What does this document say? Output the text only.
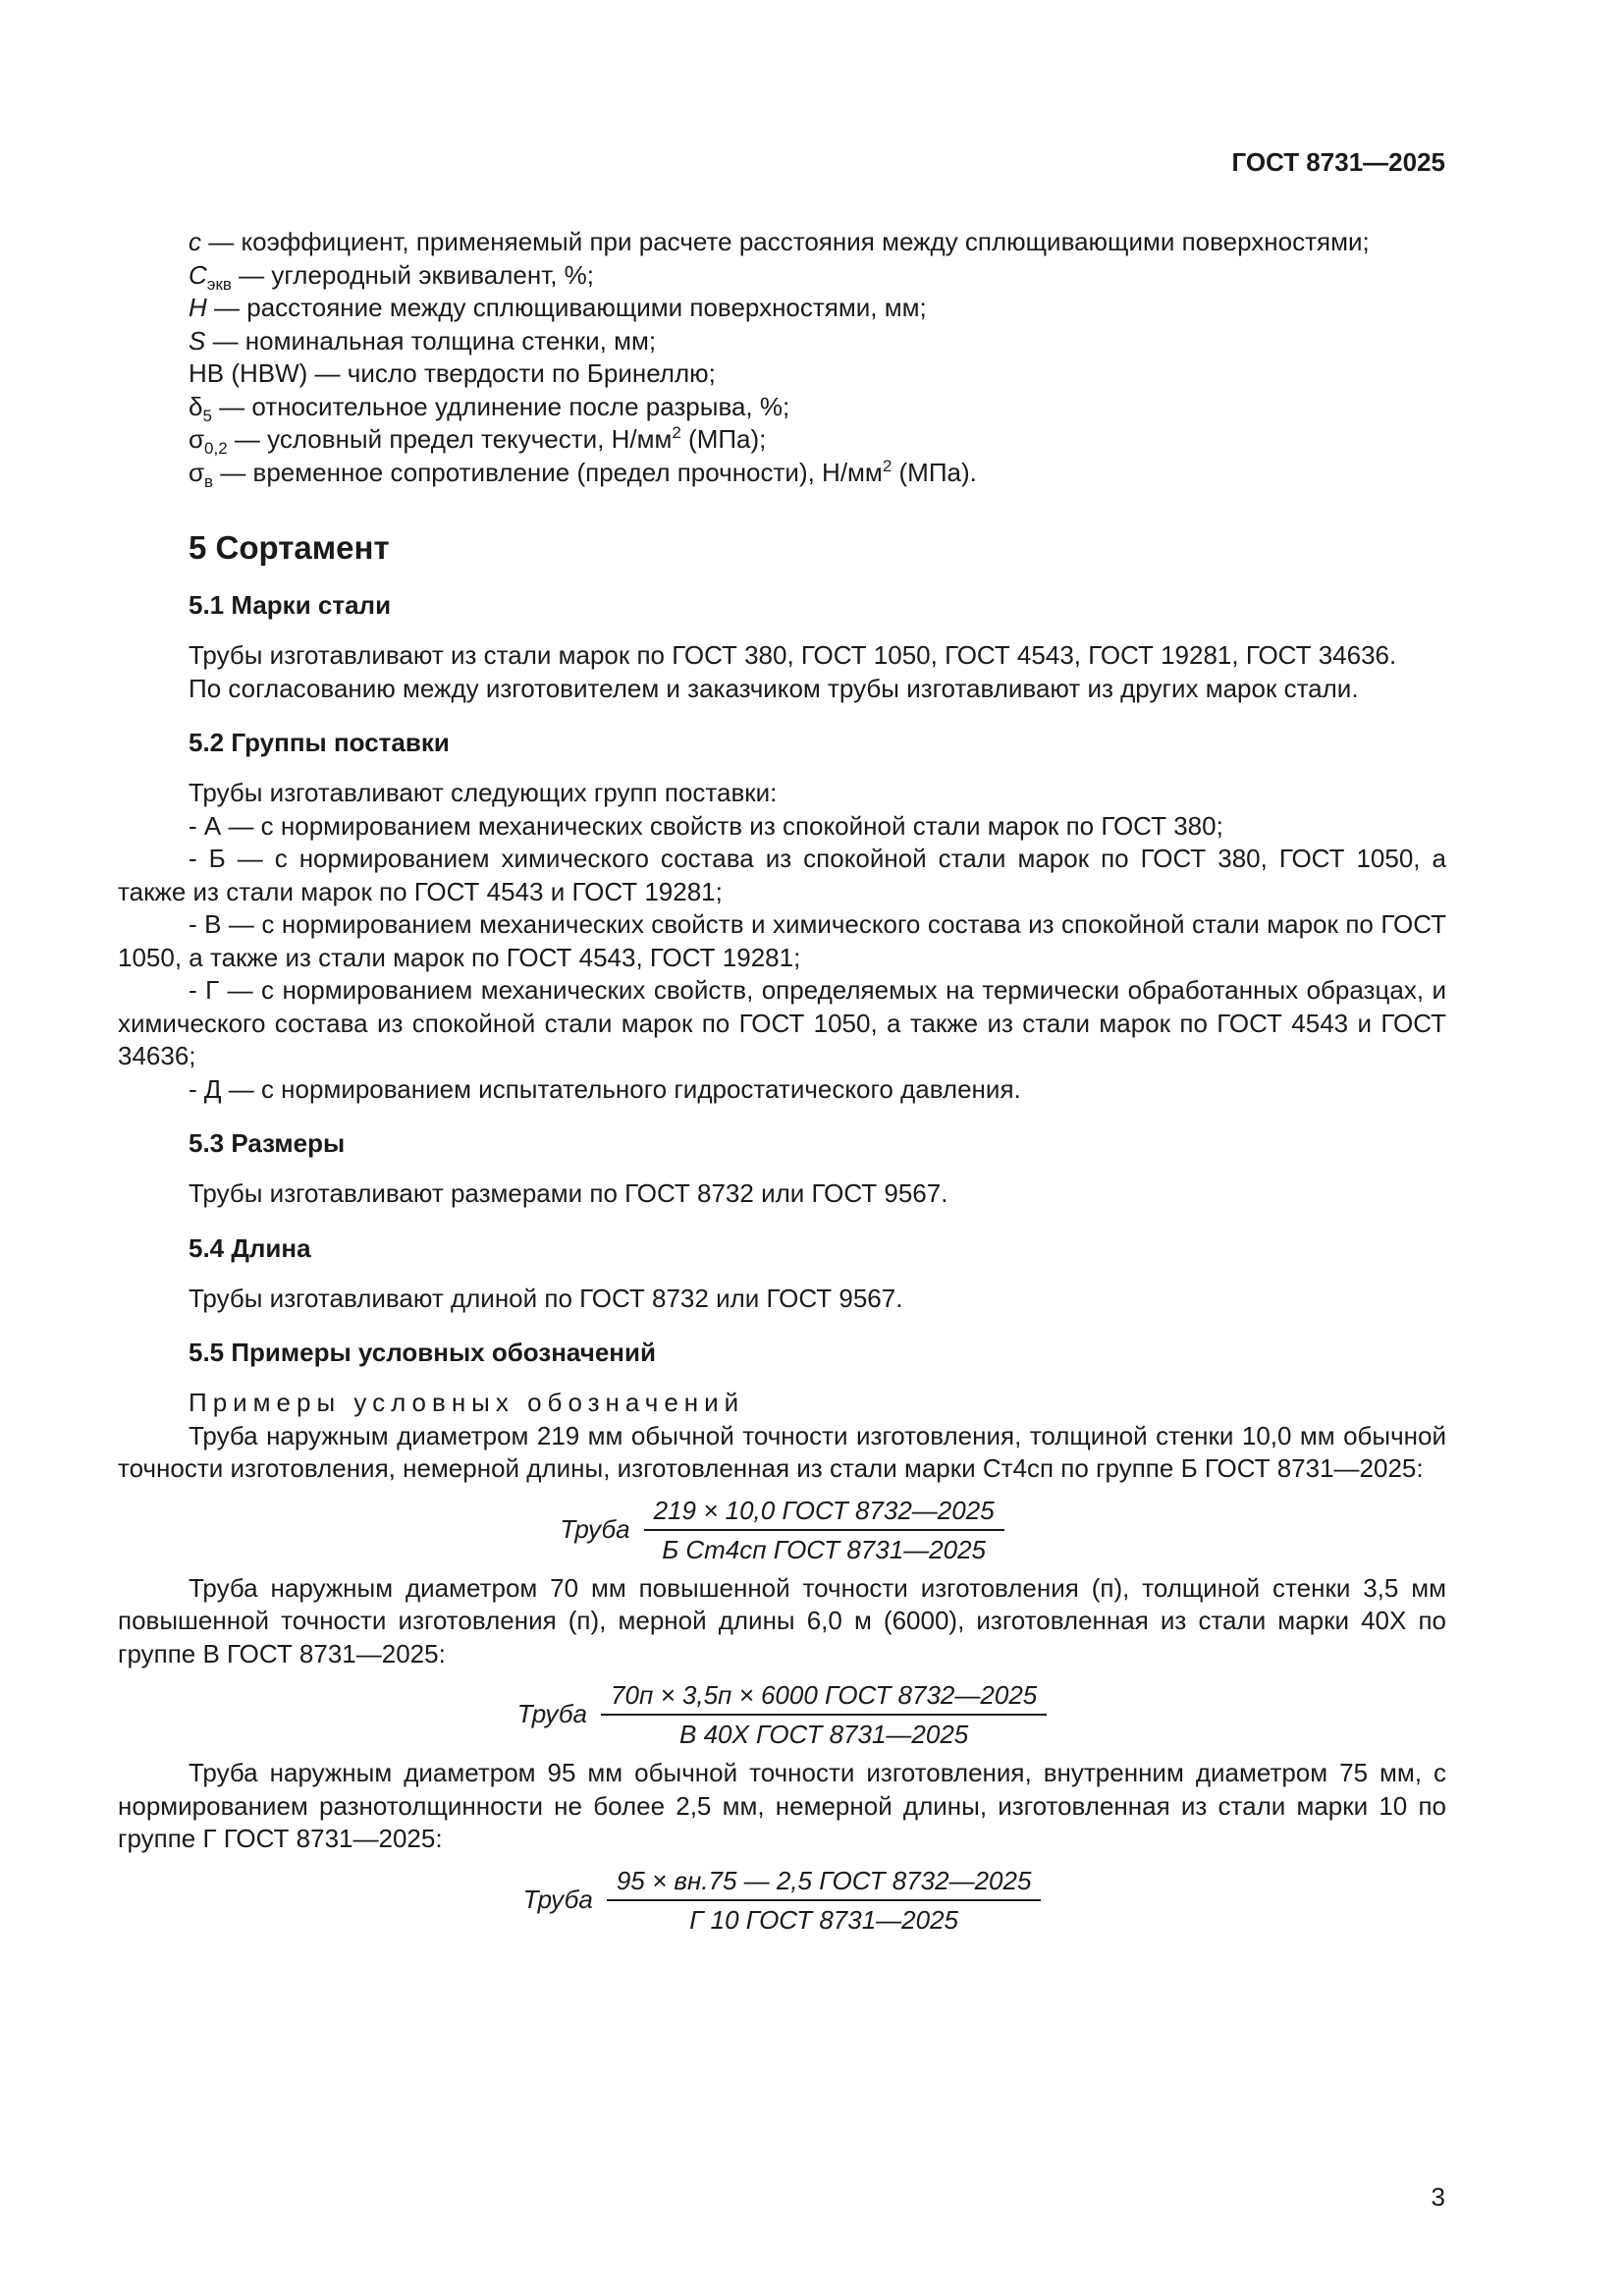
ГОСТ 8731—2025

c — коэффициент, применяемый при расчете расстояния между сплющивающими поверхностями;

$C_{экв}$ — углеродный эквивалент, %;

H — расстояние между сплющивающими поверхностями, мм;

S — номинальная толщина стенки, мм;

HB (HBW) — число твердости по Бринеллю;

$\delta_5$ — относительное удлинение после разрыва, %;

$\sigma_{0,2}$ — условный предел текучести, $Н/мм^2$ (МПа);

$\sigma_в$ — временное сопротивление (предел прочности), $Н/мм^2$ (МПа).

5 Сортамент
5.1 Марки стали

Трубы изготавливают из стали марок по ГОСТ 380, ГОСТ 1050, ГОСТ 4543, ГОСТ 19281, ГОСТ 34636.

По согласованию между изготовителем и заказчиком трубы изготавливают из других марок стали.

5.2 Группы поставки

Трубы изготавливают следующих групп поставки:

- А — с нормированием механических свойств из спокойной стали марок по ГОСТ 380;

- Б — с нормированием химического состава из спокойной стали марок по ГОСТ 380, ГОСТ 1050, а также из стали марок по ГОСТ 4543 и ГОСТ 19281;

- В — с нормированием механических свойств и химического состава из спокойной стали марок по ГОСТ 1050, а также из стали марок по ГОСТ 4543, ГОСТ 19281;

- Г — с нормированием механических свойств, определяемых на термически обработанных образцах, и химического состава из спокойной стали марок по ГОСТ 1050, а также из стали марок по ГОСТ 4543 и ГОСТ 34636;

- Д — с нормированием испытательного гидростатического давления.

5.3 Размеры

Трубы изготавливают размерами по ГОСТ 8732 или ГОСТ 9567.

5.4 Длина

Трубы изготавливают длиной по ГОСТ 8732 или ГОСТ 9567.

5.5 Примеры условных обозначений

Примеры условных обозначений

Труба наружным диаметром 219 мм обычной точности изготовления, толщиной стенки 10,0 мм обычной точности изготовления, немерной длины, изготовленная из стали марки Ст4сп по группе Б ГОСТ 8731—2025:

Труба $\frac{\text{219 × 10,0 ГОСТ 8732—2025}}{\text{Б Ст4сп ГОСТ 8731—2025}}$

Труба наружным диаметром 70 мм повышенной точности изготовления (п), толщиной стенки 3,5 мм повышенной точности изготовления (п), мерной длины 6,0 м (6000), изготовленная из стали марки 40Х по группе В ГОСТ 8731—2025:

Труба $\frac{\text{70п × 3,5п × 6000 ГОСТ 8732—2025}}{\text{В 40Х ГОСТ 8731—2025}}$

Труба наружным диаметром 95 мм обычной точности изготовления, внутренним диаметром 75 мм, с нормированием разнотолщинности не более 2,5 мм, немерной длины, изготовленная из стали марки 10 по группе Г ГОСТ 8731—2025:

Труба $\frac{\text{95 × вн.75 — 2,5 ГОСТ 8732—2025}}{\text{Г 10 ГОСТ 8731—2025}}$
3
